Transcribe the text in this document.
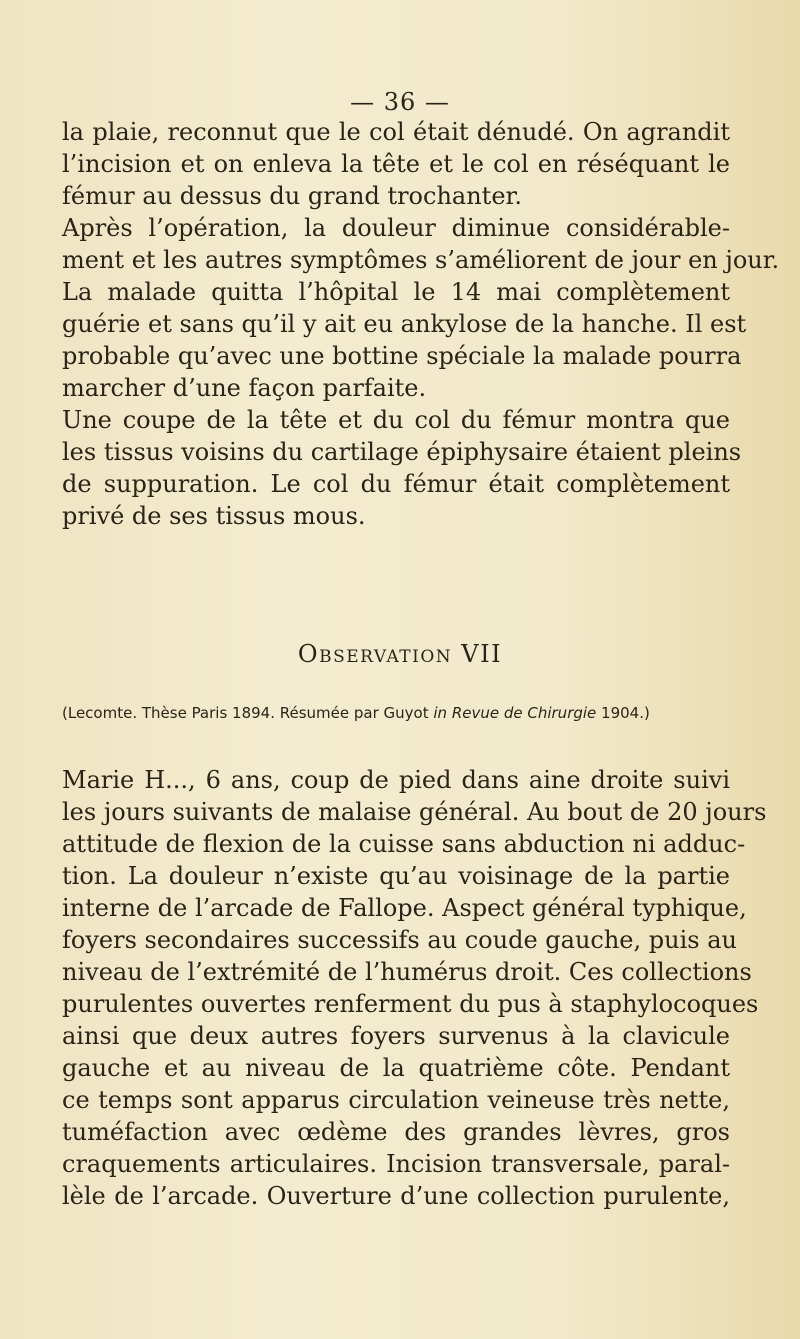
— 36 —
la plaie, reconnut que le col était dénudé. On agrandit
l’incision et on enleva la tête et le col en réséquant le
fémur au dessus du grand trochanter.
Après l’opération, la douleur diminue considérable-
ment et les autres symptômes s’améliorent de jour en jour.
La malade quitta l’hôpital le 14 mai complètement
guérie et sans qu’il y ait eu ankylose de la hanche. Il est
probable qu’avec une bottine spéciale la malade pourra
marcher d’une façon parfaite.
Une coupe de la tête et du col du fémur montra que
les tissus voisins du cartilage épiphysaire étaient pleins
de suppuration. Le col du fémur était complètement
privé de ses tissus mous.
Observation VII
(Lecomte. Thèse Paris 1894. Résumée par Guyot in Revue de Chirurgie 1904.)
Marie H..., 6 ans, coup de pied dans aine droite suivi
les jours suivants de malaise général. Au bout de 20 jours
attitude de flexion de la cuisse sans abduction ni adduc-
tion. La douleur n’existe qu’au voisinage de la partie
interne de l’arcade de Fallope. Aspect général typhique,
foyers secondaires successifs au coude gauche, puis au
niveau de l’extrémité de l’humérus droit. Ces collections
purulentes ouvertes renferment du pus à staphylocoques
ainsi que deux autres foyers survenus à la clavicule
gauche et au niveau de la quatrième côte. Pendant
ce temps sont apparus circulation veineuse très nette,
tuméfaction avec œdème des grandes lèvres, gros
craquements articulaires. Incision transversale, paral-
lèle de l’arcade. Ouverture d’une collection purulente,
